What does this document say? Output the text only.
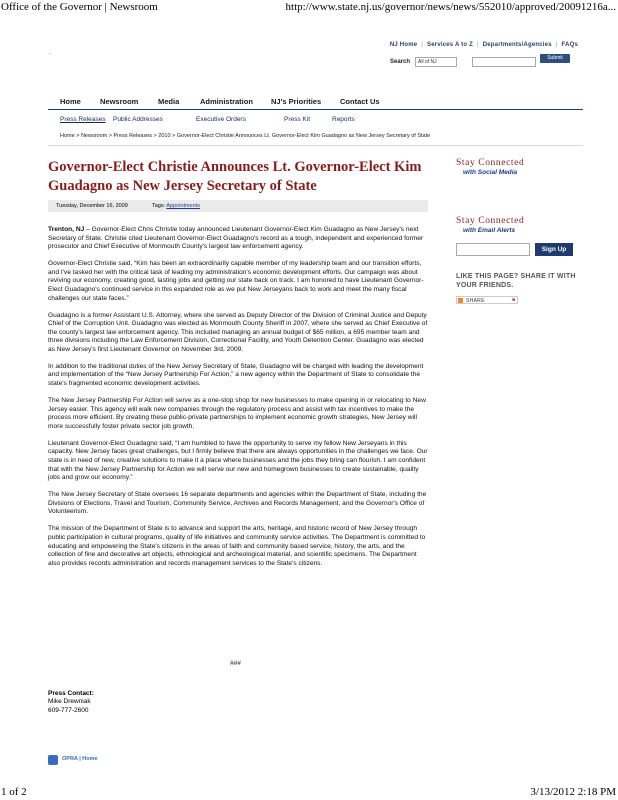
Office of the Governor | Newsroom	http://www.state.nj.us/governor/news/news/552010/approved/20091216a...
.
NJ Home | Services A to Z | Departments/Agencies | FAQs
Search	All of NJ
Submit
Home	Newsroom	Media	Administration NJ's Priorities	Contact Us
Press Releases Public Addresses	Executive Orders	Press Kit	Reports
Home > Newsroom > Press Releases > 2010 > Governor-Elect Christie Announces Lt. Governor-Elect Kim Guadagno as New Jersey Secretary of State
Governor-Elect Christie Announces Lt. Governor-Elect Kim Guadagno as New Jersey Secretary of State
Tuesday, December 16, 2009	Tags: Appointments

Trenton, NJ – Governor-Elect Chris Christie today announced Lieutenant Governor-Elect Kim Guadagno as New Jersey's next Secretary of State. Christie cited Lieutenant Governor-Elect Guadagno's record as a tough, independent and experienced former prosecutor and Chief Executive of Monmouth County's largest law enforcement agency.

Governor-Elect Christie said, “Kim has been an extraordinarily capable member of my leadership team and our transition efforts, and I've tasked her with the critical task of leading my administration's economic development efforts. Our campaign was about reviving our economy, creating good, lasting jobs and getting our state back on track. I am honored to have Lieutenant Governor-Elect Guadagno's continued service in this expanded role as we put New Jerseyans back to work and meet the many fiscal challenges our state faces.”

Guadagno is a former Assistant U.S. Attorney, where she served as Deputy Director of the Division of Criminal Justice and Deputy Chief of the Corruption Unit. Guadagno was elected as Monmouth County Sheriff in 2007, where she served as Chief Executive of the county's largest law enforcement agency. This included managing an annual budget of $65 million, a 695 member team and three divisions including the Law Enforcement Division, Correctional Facility, and Youth Detention Center. Guadagno was elected as New Jersey's first Lieutenant Governor on November 3rd, 2009.

In addition to the traditional duties of the New Jersey Secretary of State, Guadagno will be charged with leading the development and implementation of the “New Jersey Partnership For Action,” a new agency within the Department of State to consolidate the state's fragmented economic development activities.

The New Jersey Partnership For Action will serve as a one-stop shop for new businesses to make opening in or relocating to New Jersey easier. This agency will walk new companies through the regulatory process and assist with tax incentives to make the process more efficient. By creating these public-private partnerships to implement economic growth strategies, New Jersey will more successfully foster private sector job growth.

Lieutenant Governor-Elect Guadagno said, “I am humbled to have the opportunity to serve my fellow New Jerseyans in this capacity. New Jersey faces great challenges, but I firmly believe that there are always opportunities in the challenges we face. Our state is in need of new, creative solutions to make it a place where businesses and the jobs they bring can flourish. I am confident that with the New Jersey Partnership for Action we will serve our new and homegrown businesses to create sustainable, quality jobs and grow our economy.”

The New Jersey Secretary of State oversees 16 separate departments and agencies within the Department of State, including the Divisions of Elections, Travel and Tourism, Community Service, Archives and Records Management, and the Governor's Office of Volunteerism.

The mission of the Department of State is to advance and support the arts, heritage, and historic record of New Jersey through public participation in cultural programs, quality of life initiatives and community service activities. The Department is committed to educating and empowering the State's citizens in the areas of faith and community based service, history, the arts, and the collection of fine and decorative art objects, ethnological and archeological material, and scientific specimens. The Department also provides records administration and records management services to the State's citizens.

###
Press Contact:
Mike Drewniak
609-777-2600
OPRA | Home
Stay Connected
with Social Media
Stay Connected
with Email Alerts
Sign Up
LIKE THIS PAGE? SHARE IT WITH YOUR FRIENDS.
SHARE	■
1 of 2	3/13/2012 2:18 PM
